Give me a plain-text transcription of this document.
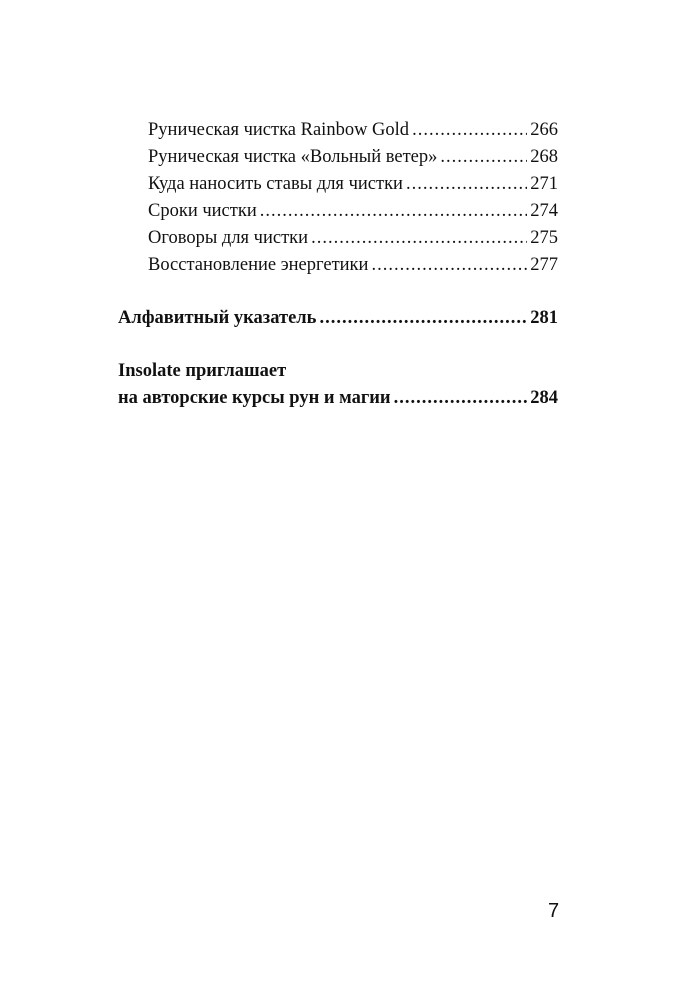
Руническая чистка Rainbow Gold .....	266
Руническая чистка «Вольный ветер» .....	268
Куда наносить ставы для чистки .....	271
Сроки чистки .....	274
Оговоры для чистки .....	275
Восстановление энергетики .....	277
Алфавитный указатель .....	281
Insolate приглашает
на авторские курсы рун и магии .....	284
7
